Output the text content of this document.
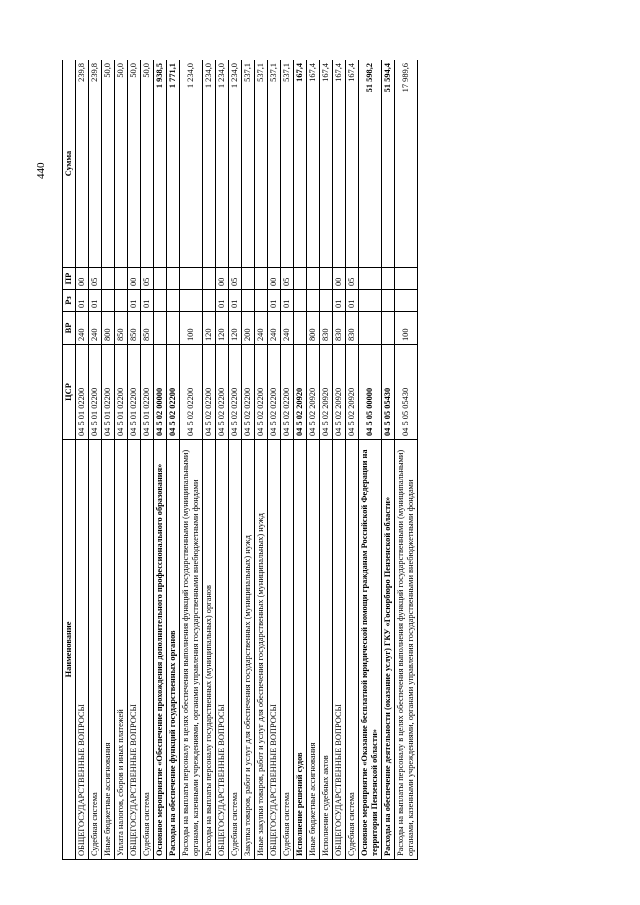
440
Наименование	ЦСР	ВР	Рз	ПР	Сумма
ОБЩЕГОСУДАРСТВЕННЫЕ ВОПРОСЫ	04 5 01 02200	240	01	00	239,8
Судебная система	04 5 01 02200	240	01	05	239,8
Иные бюджетные ассигнования	04 5 01 02200	800			50,0
Уплата налогов, сборов и иных платежей	04 5 01 02200	850			50,0
ОБЩЕГОСУДАРСТВЕННЫЕ ВОПРОСЫ	04 5 01 02200	850	01	00	50,0
Судебная система	04 5 01 02200	850	01	05	50,0
Основное мероприятие «Обеспечение прохождения дополнительного профессионального образования»	04 5 02 00000				1 938,5
Расходы на обеспечение функций государственных органов	04 5 02 02200				1 771,1
Расходы на выплаты персоналу в целях обеспечения выполнения функций государственными (муниципальными) органами, казенными учреждениями, органами управления государственными внебюджетными фондами	04 5 02 02200	100			1 234,0
Расходы на выплаты персоналу государственных (муниципальных) органов	04 5 02 02200	120			1 234,0
ОБЩЕГОСУДАРСТВЕННЫЕ ВОПРОСЫ	04 5 02 02200	120	01	00	1 234,0
Судебная система	04 5 02 02200	120	01	05	1 234,0
Закупка товаров, работ и услуг для обеспечения государственных (муниципальных) нужд	04 5 02 02200	200			537,1
Иные закупки товаров, работ и услуг для обеспечения государственных (муниципальных) нужд	04 5 02 02200	240			537,1
ОБЩЕГОСУДАРСТВЕННЫЕ ВОПРОСЫ	04 5 02 02200	240	01	00	537,1
Судебная система	04 5 02 02200	240	01	05	537,1
Исполнение решений судов	04 5 02 20920				167,4
Иные бюджетные ассигнования	04 5 02 20920	800			167,4
Исполнение судебных актов	04 5 02 20920	830			167,4
ОБЩЕГОСУДАРСТВЕННЫЕ ВОПРОСЫ	04 5 02 20920	830	01	00	167,4
Судебная система	04 5 02 20920	830	01	05	167,4
Основное мероприятие «Оказание бесплатной юридической помощи гражданам Российской Федерации на территории Пензенской области»	04 5 05 00000				51 598,2
Расходы на обеспечение деятельности (оказание услуг) ГКУ «Госюрбюро Пензенской области»	04 5 05 05430				51 594,4
Расходы на выплаты персоналу в целях обеспечения выполнения функций государственными (муниципальными) органами, казенными учреждениями, органами управления государственными внебюджетными фондами	04 5 05 05430	100			17 989,6
